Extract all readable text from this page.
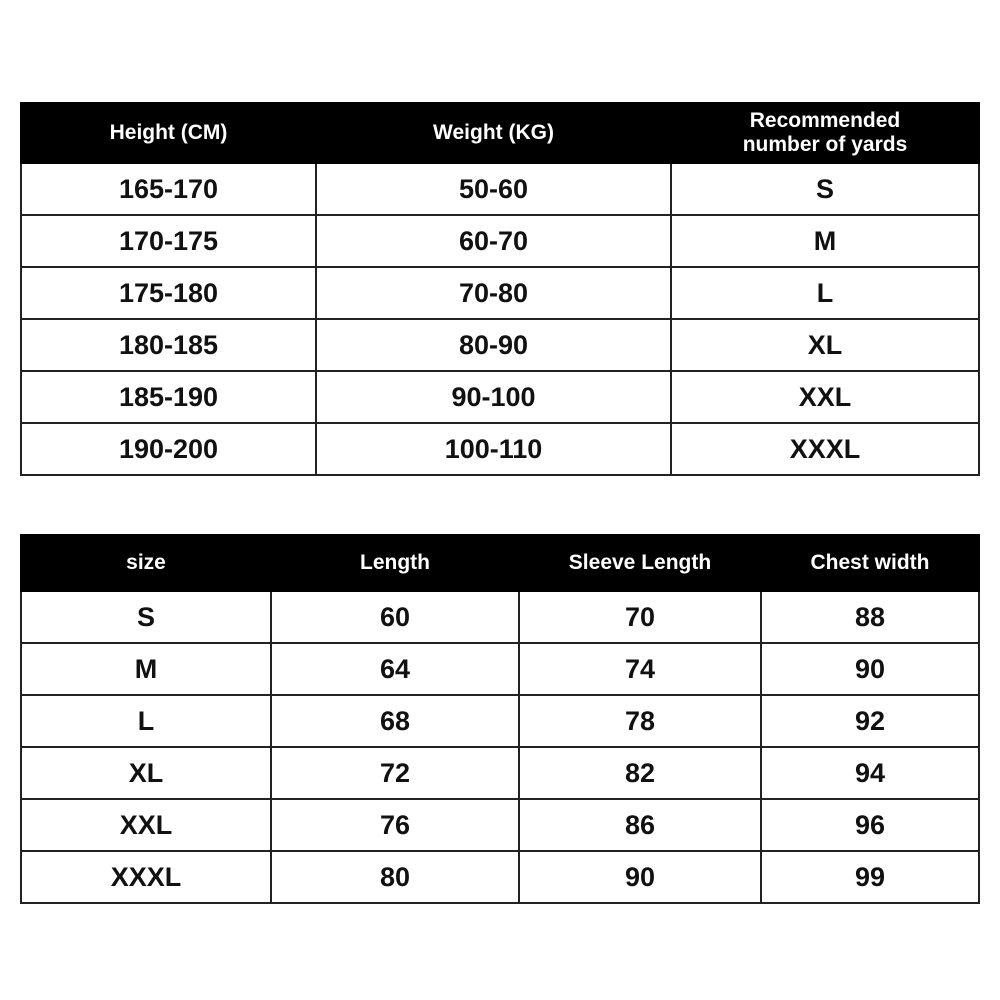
Height (CM)	Weight (KG)	Recommended
number of yards

165-170	50-60	S
170-175	60-70	M
175-180	70-80	L
180-185	80-90	XL
185-190	90-100	XXL
190-200	100-110	XXXL
size	Length	Sleeve Length	Chest width
S	60	70	88
M	64	74	90
L	68	78	92
XL	72	82	94
XXL	76	86	96
XXXL	80	90	99
